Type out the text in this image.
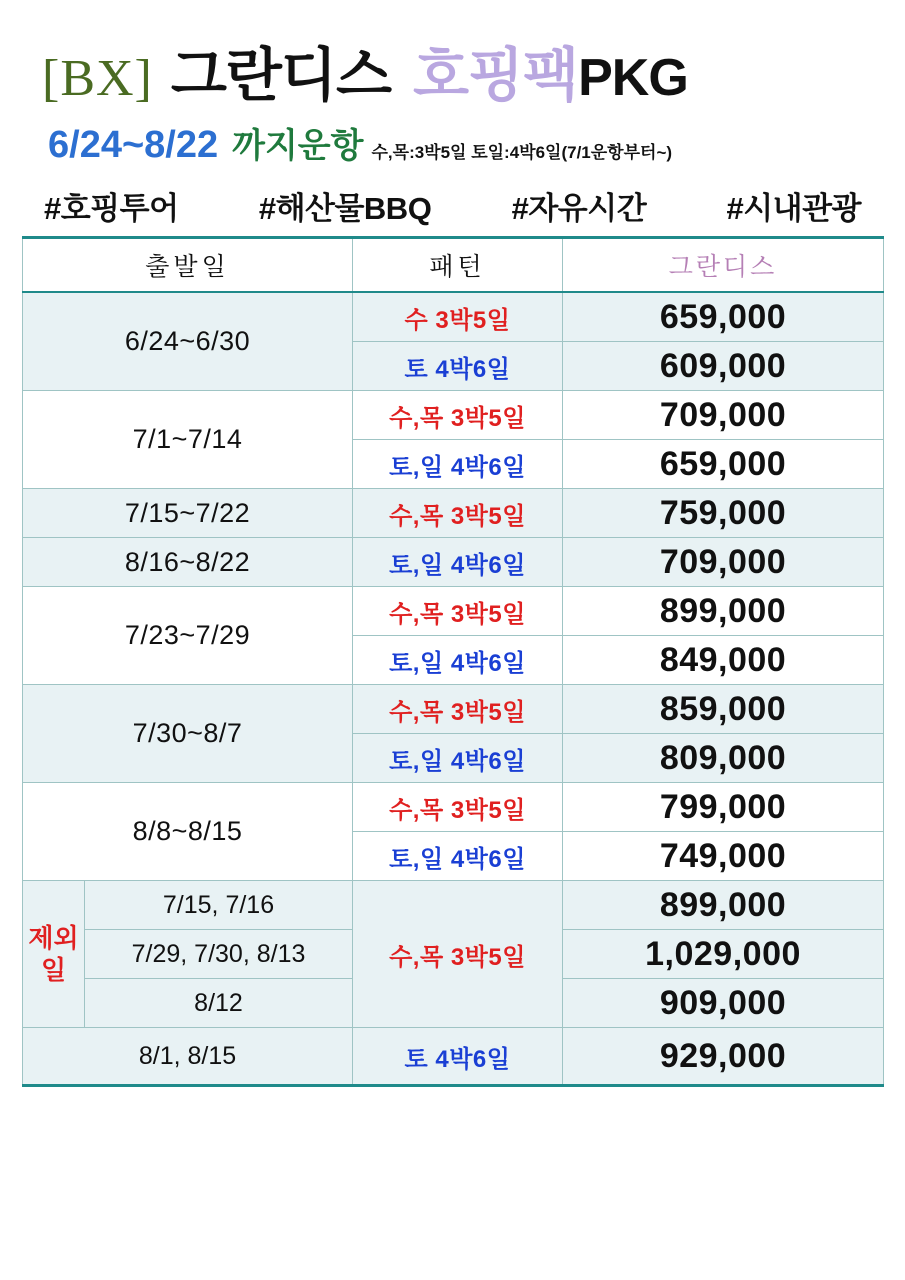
[BX] 그란디스 호핑팩 PKG
6/24~8/22 까지운항 수,목:3박5일 토일:4박6일(7/1운항부터~)
#호핑투어	#해산물BBQ	#자유시간	#시내관광
출발일		패턴	그란디스
6/24~6/30		수 3박5일	659,000
		토 4박6일	609,000
7/1~7/14		수,목 3박5일	709,000
		토,일 4박6일	659,000
7/15~7/22		수,목 3박5일	759,000
8/16~8/22		토,일 4박6일	709,000
7/23~7/29		수,목 3박5일	899,000
		토,일 4박6일	849,000
7/30~8/7		수,목 3박5일	859,000
		토,일 4박6일	809,000
8/8~8/15		수,목 3박5일	799,000
		토,일 4박6일	749,000
제외일	7/15, 7/16	수,목 3박5일	899,000
	7/29, 7/30, 8/13		1,029,000
	8/12		909,000
8/1, 8/15		토 4박6일	929,000
